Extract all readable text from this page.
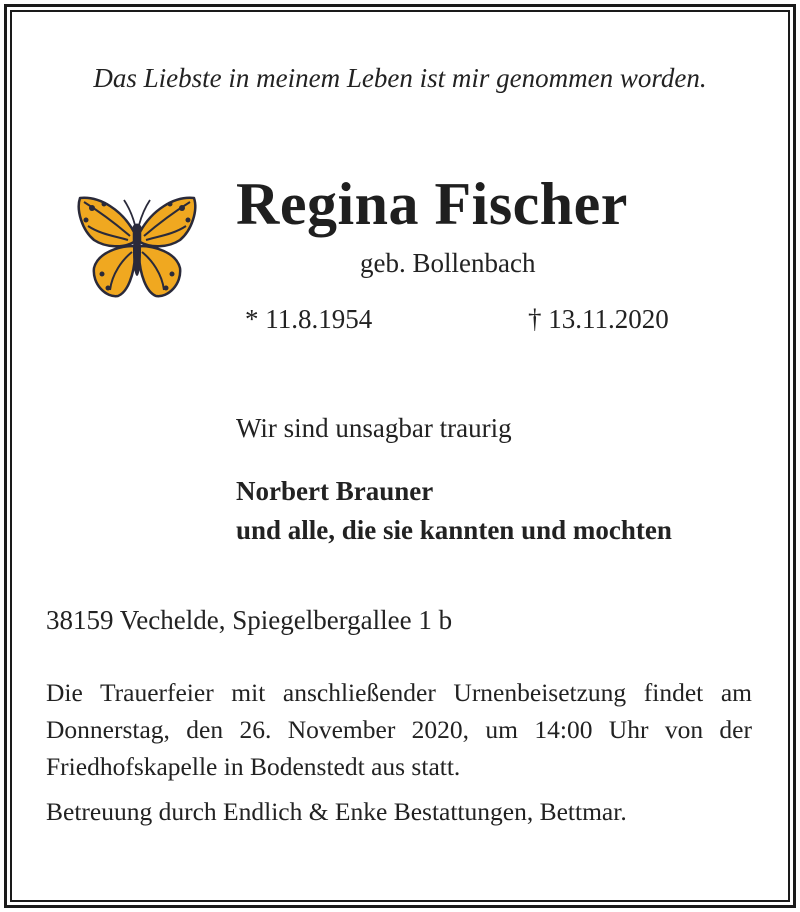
Das Liebste in meinem Leben ist mir genommen worden.
Regina Fischer
geb. Bollenbach
* 11.8.1954	† 13.11.2020
Wir sind unsagbar traurig
Norbert Brauner
und alle, die sie kannten und mochten
38159 Vechelde, Spiegelbergallee 1 b
Die Trauerfeier mit anschließender Urnenbeisetzung findet am Donnerstag, den 26. November 2020, um 14:00 Uhr von der Friedhofskapelle in Bodenstedt aus statt.
Betreuung durch Endlich & Enke Bestattungen, Bettmar.
